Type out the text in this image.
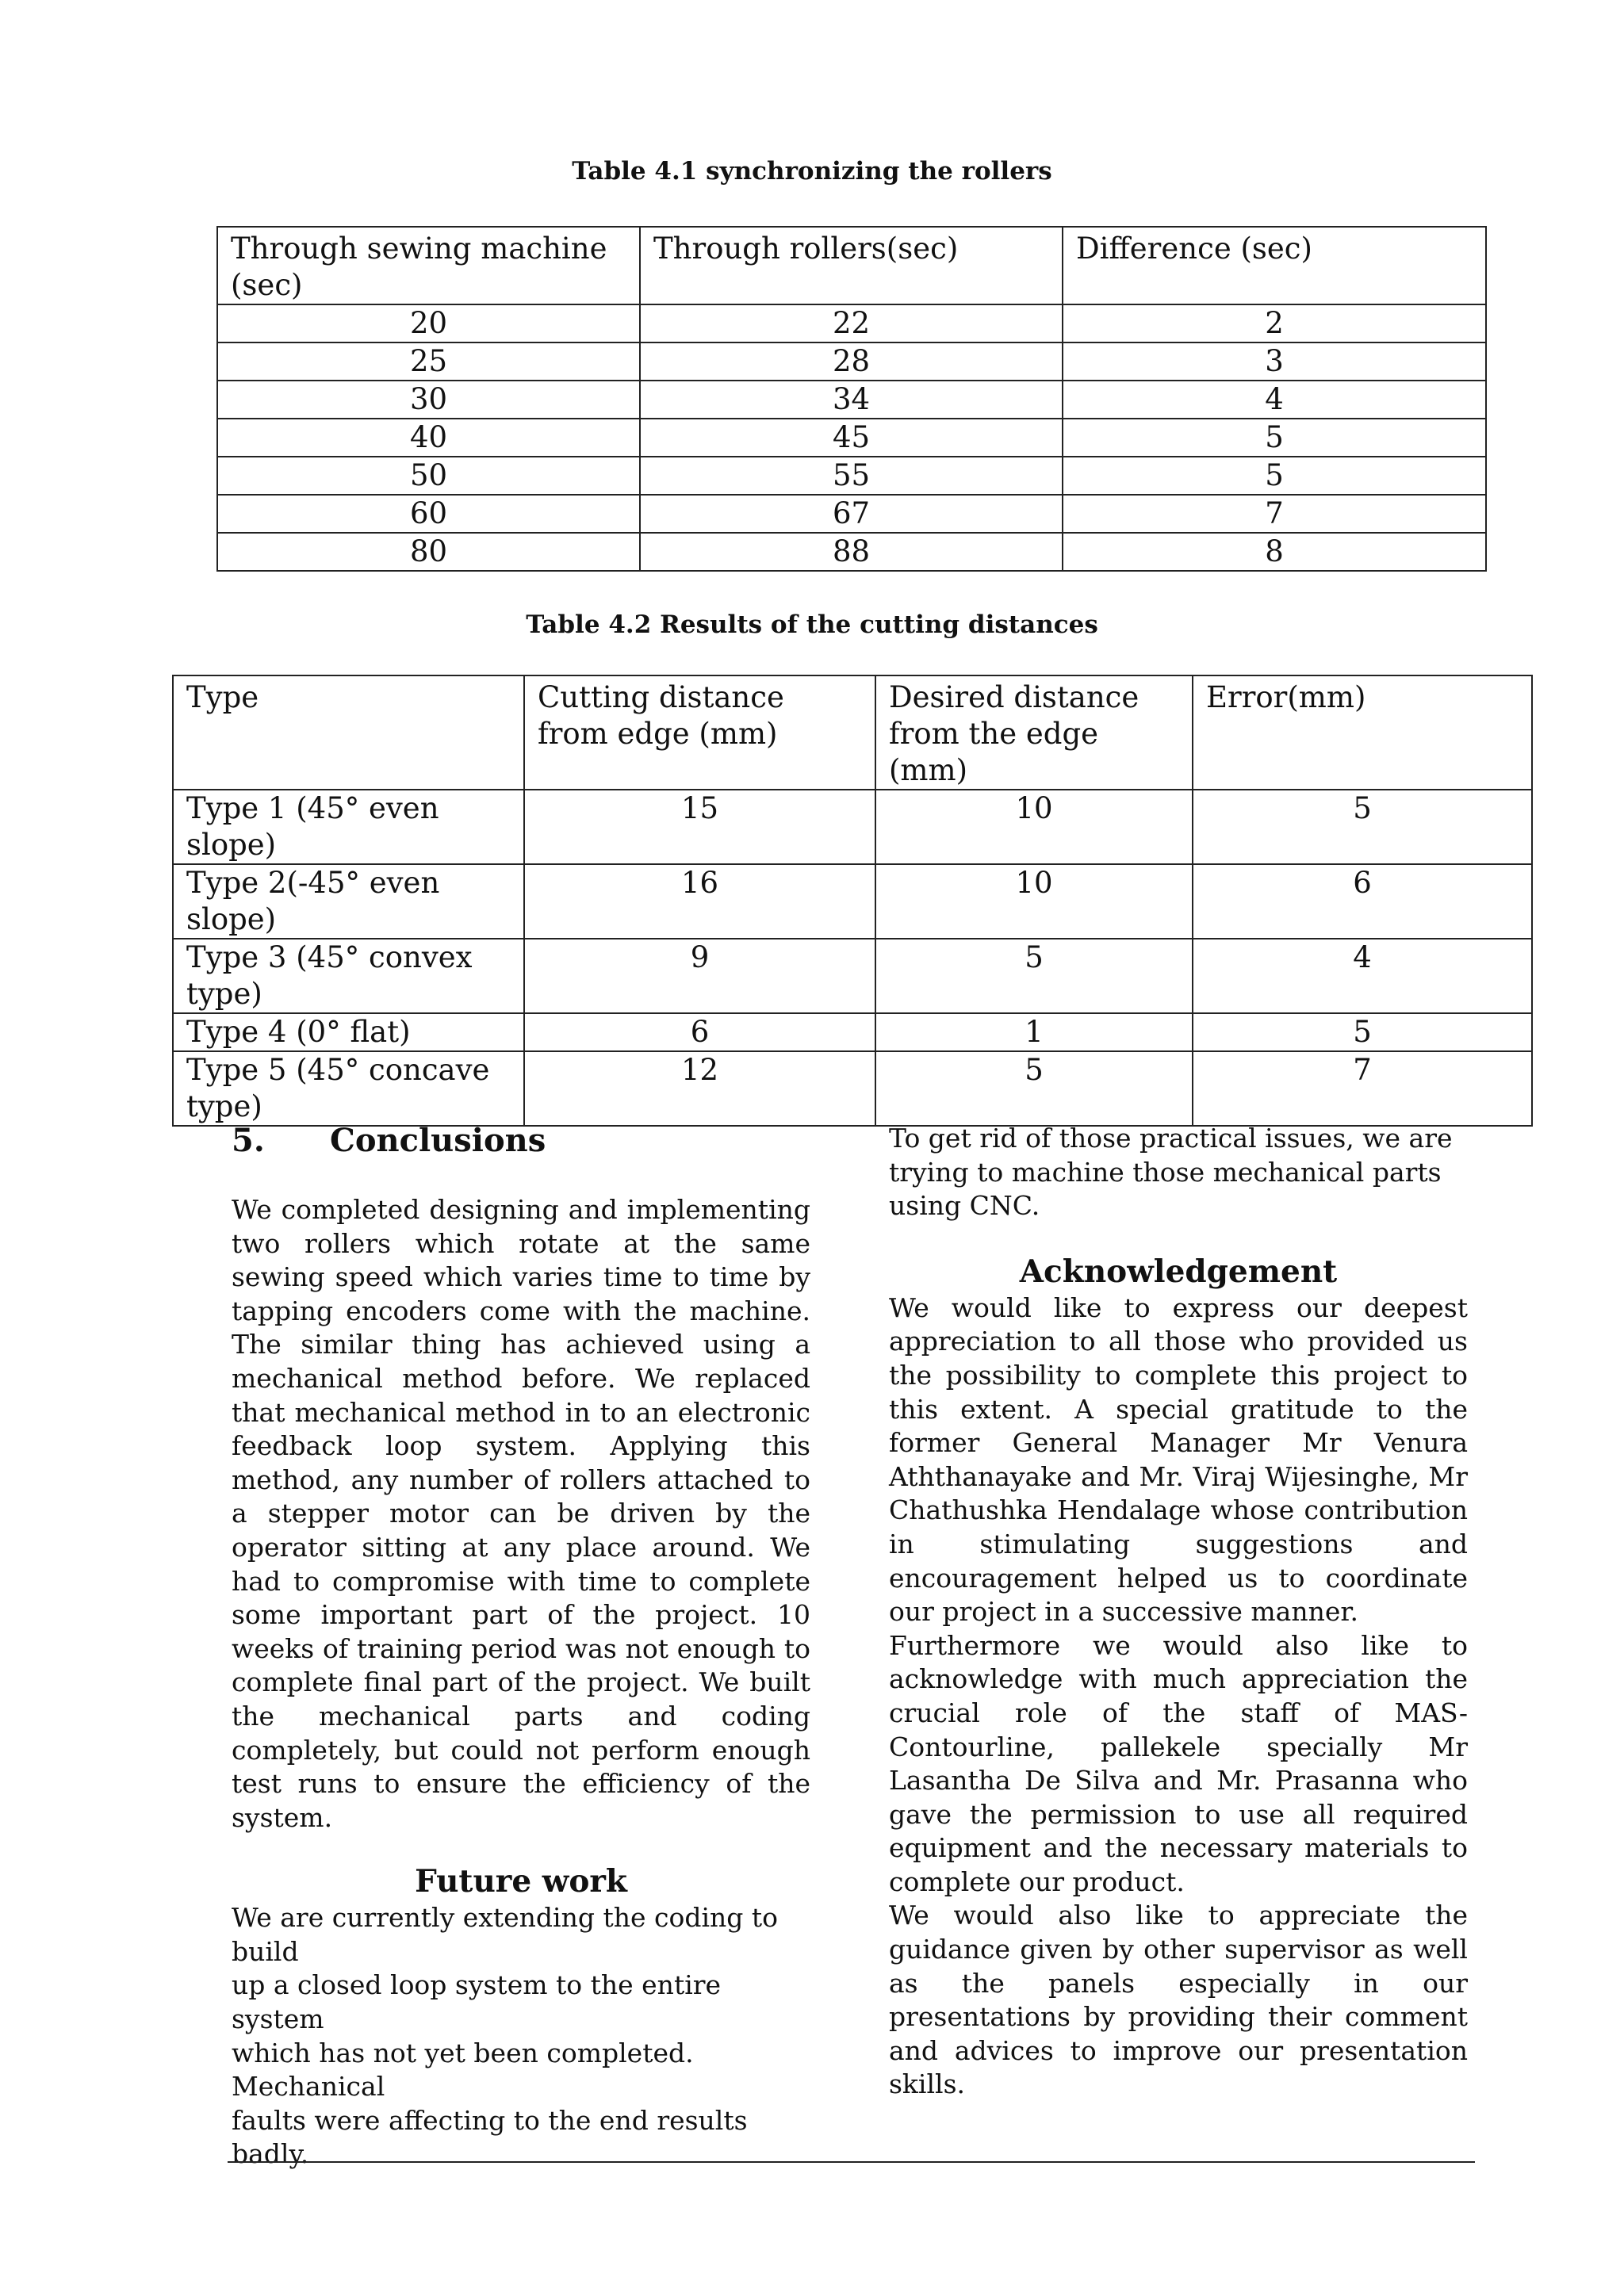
Table 4.1 synchronizing the rollers
Through sewing machine (sec)	Through rollers(sec)	Difference (sec)
20	22	2
25	28	3
30	34	4
40	45	5
50	55	5
60	67	7
80	88	8
Table 4.2 Results of the cutting distances
Type	Cutting distance from edge (mm)	Desired distance from the edge (mm)	Error(mm)
Type 1 (45° even slope)	15	10	5
Type 2(-45° even slope)	16	10	6
Type 3 (45° convex type)	9	5	4
Type 4 (0° flat)	6	1	5
Type 5 (45° concave type)	12	5	7
5. Conclusions

We completed designing and implementing two rollers which rotate at the same sewing speed which varies time to time by tapping encoders come with the machine. The similar thing has achieved using a mechanical method before. We replaced that mechanical method in to an electronic feedback loop system. Applying this method, any number of rollers attached to a stepper motor can be driven by the operator sitting at any place around. We had to compromise with time to complete some important part of the project. 10 weeks of training period was not enough to complete final part of the project. We built the mechanical parts and coding completely, but could not perform enough test runs to ensure the efficiency of the system.

Future work
We are currently extending the coding to build
up a closed loop system to the entire system
which has not yet been completed. Mechanical
faults were affecting to the end results badly.

To get rid of those practical issues, we are trying to machine those mechanical parts using CNC.

Acknowledgement

We would like to express our deepest appreciation to all those who provided us the possibility to complete this project to this extent. A special gratitude to the former General Manager Mr Venura Aththanayake and Mr. Viraj Wijesinghe, Mr Chathushka Hendalage whose contribution in stimulating suggestions and encouragement helped us to coordinate our project in a successive manner.

Furthermore we would also like to acknowledge with much appreciation the crucial role of the staff of MAS-Contourline, pallekele specially Mr Lasantha De Silva and Mr. Prasanna who gave the permission to use all required equipment and the necessary materials to complete our product.

We would also like to appreciate the guidance given by other supervisor as well as the panels especially in our presentations by providing their comment and advices to improve our presentation skills.
